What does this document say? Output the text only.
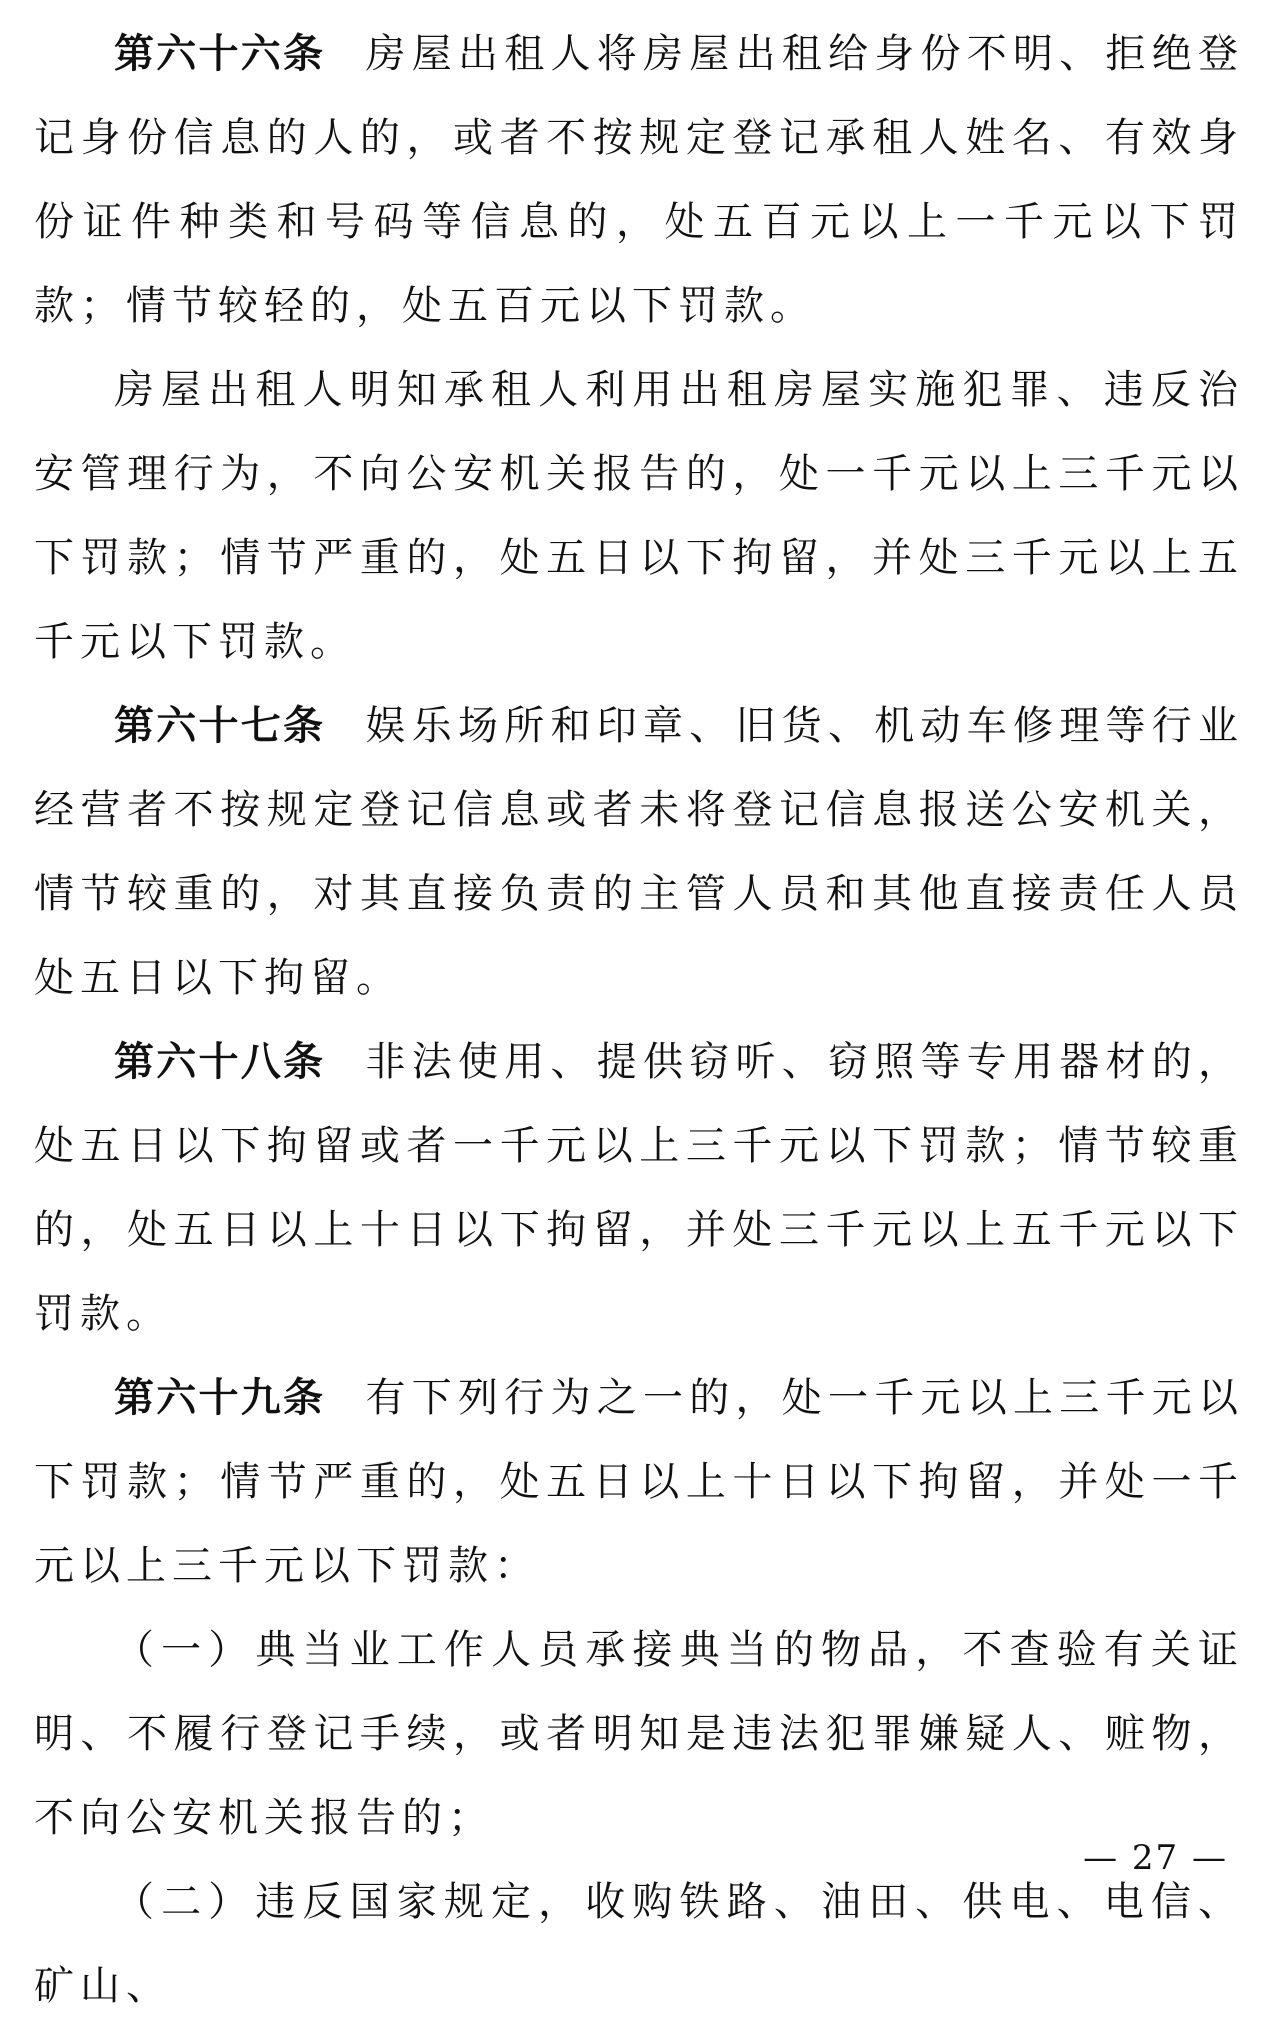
第六十六条 房屋出租人将房屋出租给身份不明、拒绝登记身份信息的人的，或者不按规定登记承租人姓名、有效身份证件种类和号码等信息的，处五百元以上一千元以下罚款；情节较轻的，处五百元以下罚款。

房屋出租人明知承租人利用出租房屋实施犯罪、违反治安管理行为，不向公安机关报告的，处一千元以上三千元以下罚款；情节严重的，处五日以下拘留，并处三千元以上五千元以下罚款。

第六十七条 娱乐场所和印章、旧货、机动车修理等行业经营者不按规定登记信息或者未将登记信息报送公安机关，情节较重的，对其直接负责的主管人员和其他直接责任人员处五日以下拘留。

第六十八条 非法使用、提供窃听、窃照等专用器材的，处五日以下拘留或者一千元以上三千元以下罚款；情节较重的，处五日以上十日以下拘留，并处三千元以上五千元以下罚款。

第六十九条 有下列行为之一的，处一千元以上三千元以下罚款；情节严重的，处五日以上十日以下拘留，并处一千元以上三千元以下罚款：

（一）典当业工作人员承接典当的物品，不查验有关证明、不履行登记手续，或者明知是违法犯罪嫌疑人、赃物，不向公安机关报告的；

（二）违反国家规定，收购铁路、油田、供电、电信、矿山、

— 27 —
